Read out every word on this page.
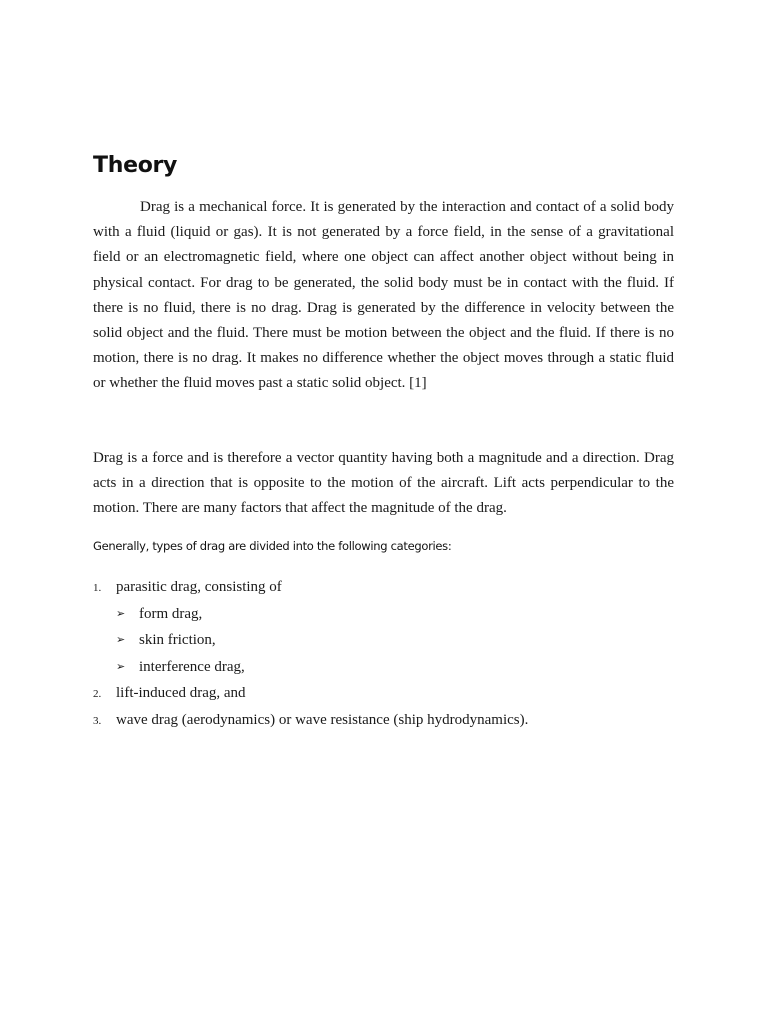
Theory

Drag is a mechanical force. It is generated by the interaction and contact of a solid body with a fluid (liquid or gas). It is not generated by a force field, in the sense of a gravitational field or an electromagnetic field, where one object can affect another object without being in physical contact. For drag to be generated, the solid body must be in contact with the fluid. If there is no fluid, there is no drag. Drag is generated by the difference in velocity between the solid object and the fluid. There must be motion between the object and the fluid. If there is no motion, there is no drag. It makes no difference whether the object moves through a static fluid or whether the fluid moves past a static solid object. [1]

Drag is a force and is therefore a vector quantity having both a magnitude and a direction. Drag acts in a direction that is opposite to the motion of the aircraft. Lift acts perpendicular to the motion. There are many factors that affect the magnitude of the drag.

Generally, types of drag are divided into the following categories:

1. parasitic drag, consisting of
➢ form drag,
➢ skin friction,
➢ interference drag,
2. lift-induced drag, and
3. wave drag (aerodynamics) or wave resistance (ship hydrodynamics).
